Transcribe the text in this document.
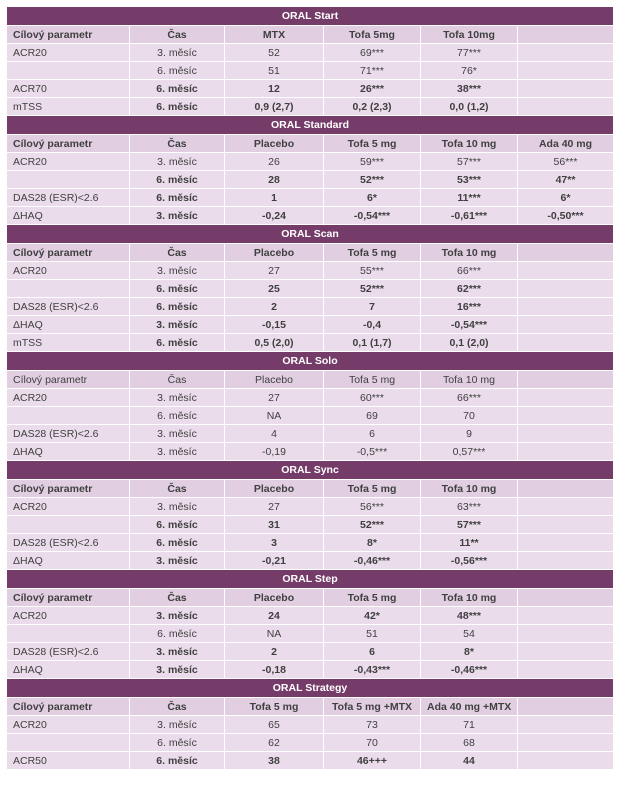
ORAL Start					
Cílový parametr	Čas	MTX	Tofa 5mg	Tofa 10mg	
ACR20	3. měsíc	52	69***	77***	
	6. měsíc	51	71***	76*	
ACR70	6. měsíc	12	26***	38***	
mTSS	6. měsíc	0,9 (2,7)	0,2 (2,3)	0,0 (1,2)	
ORAL Standard					
Cílový parametr	Čas	Placebo	Tofa 5 mg	Tofa 10 mg	Ada 40 mg
ACR20	3. měsíc	26	59***	57***	56***
	6. měsíc	28	52***	53***	47**
DAS28 (ESR)<2.6	6. měsíc	1	6*	11***	6*
ΔHAQ	3. měsíc	-0,24	-0,54***	-0,61***	-0,50***
ORAL Scan					
Cílový parametr	Čas	Placebo	Tofa 5 mg	Tofa 10 mg	
ACR20	3. měsíc	27	55***	66***	
	6. měsíc	25	52***	62***	
DAS28 (ESR)<2.6	6. měsíc	2	7	16***	
ΔHAQ	3. měsíc	-0,15	-0,4	-0,54***	
mTSS	6. měsíc	0,5 (2,0)	0,1 (1,7)	0,1 (2,0)	
ORAL Solo					
Cílový parametr	Čas	Placebo	Tofa 5 mg	Tofa 10 mg	
ACR20	3. měsíc	27	60***	66***	
	6. měsíc	NA	69	70	
DAS28 (ESR)<2.6	3. měsíc	4	6	9	
ΔHAQ	3. měsíc	-0,19	-0,5***	0,57***	
ORAL Sync					
Cílový parametr	Čas	Placebo	Tofa 5 mg	Tofa 10 mg	
ACR20	3. měsíc	27	56***	63***	
	6. měsíc	31	52***	57***	
DAS28 (ESR)<2.6	6. měsíc	3	8*	11**	
ΔHAQ	3. měsíc	-0,21	-0,46***	-0,56***	
ORAL Step					
Cílový parametr	Čas	Placebo	Tofa 5 mg	Tofa 10 mg	
ACR20	3. měsíc	24	42*	48***	
	6. měsíc	NA	51	54	
DAS28 (ESR)<2.6	3. měsíc	2	6	8*	
ΔHAQ	3. měsíc	-0,18	-0,43***	-0,46***	
ORAL Strategy					
Cílový parametr	Čas	Tofa 5 mg	Tofa 5 mg +MTX	Ada 40 mg +MTX	
ACR20	3. měsíc	65	73	71	
	6. měsíc	62	70	68	
ACR50	6. měsíc	38	46+++	44	
